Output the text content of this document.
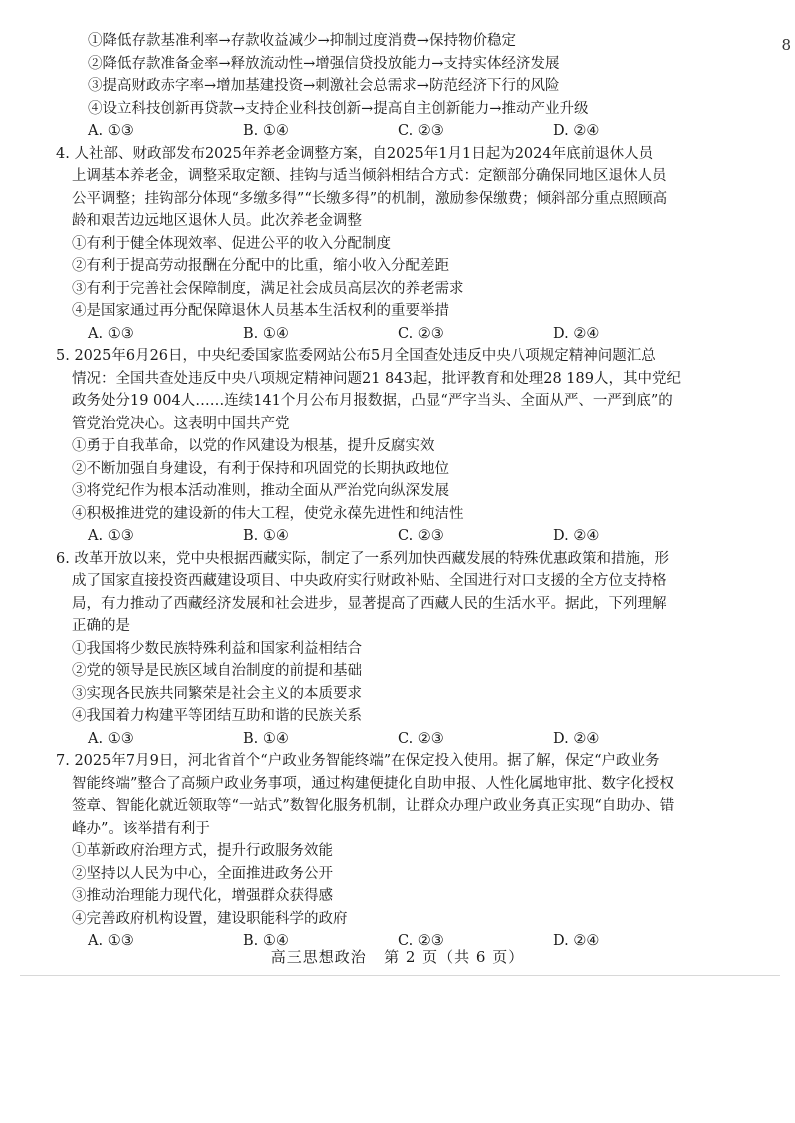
8
①降低存款基准利率→存款收益减少→抑制过度消费→保持物价稳定
②降低存款准备金率→释放流动性→增强信贷投放能力→支持实体经济发展
③提高财政赤字率→增加基建投资→刺激社会总需求→防范经济下行的风险
④设立科技创新再贷款→支持企业科技创新→提高自主创新能力→推动产业升级
A. ①③	B. ①④	C. ②③	D. ②④
4. 人社部、财政部发布2025年养老金调整方案，自2025年1月1日起为2024年底前退休人员
上调基本养老金，调整采取定额、挂钩与适当倾斜相结合方式：定额部分确保同地区退休人员
公平调整；挂钩部分体现“多缴多得”“长缴多得”的机制，激励参保缴费；倾斜部分重点照顾高
龄和艰苦边远地区退休人员。此次养老金调整
①有利于健全体现效率、促进公平的收入分配制度
②有利于提高劳动报酬在分配中的比重，缩小收入分配差距
③有利于完善社会保障制度，满足社会成员高层次的养老需求
④是国家通过再分配保障退休人员基本生活权利的重要举措
A. ①③	B. ①④	C. ②③	D. ②④
5. 2025年6月26日，中央纪委国家监委网站公布5月全国查处违反中央八项规定精神问题汇总
情况：全国共查处违反中央八项规定精神问题21 843起，批评教育和处理28 189人，其中党纪
政务处分19 004人……连续141个月公布月报数据，凸显“严字当头、全面从严、一严到底”的
管党治党决心。这表明中国共产党
①勇于自我革命，以党的作风建设为根基，提升反腐实效
②不断加强自身建设，有利于保持和巩固党的长期执政地位
③将党纪作为根本活动准则，推动全面从严治党向纵深发展
④积极推进党的建设新的伟大工程，使党永葆先进性和纯洁性
A. ①③	B. ①④	C. ②③	D. ②④
6. 改革开放以来，党中央根据西藏实际，制定了一系列加快西藏发展的特殊优惠政策和措施，形
成了国家直接投资西藏建设项目、中央政府实行财政补贴、全国进行对口支援的全方位支持格
局，有力推动了西藏经济发展和社会进步，显著提高了西藏人民的生活水平。据此，下列理解
正确的是
①我国将少数民族特殊利益和国家利益相结合
②党的领导是民族区域自治制度的前提和基础
③实现各民族共同繁荣是社会主义的本质要求
④我国着力构建平等团结互助和谐的民族关系
A. ①③	B. ①④	C. ②③	D. ②④
7. 2025年7月9日，河北省首个“户政业务智能终端”在保定投入使用。据了解，保定“户政业务
智能终端”整合了高频户政业务事项，通过构建便捷化自助申报、人性化属地审批、数字化授权
签章、智能化就近领取等“一站式”数智化服务机制，让群众办理户政业务真正实现“自助办、错
峰办”。该举措有利于
①革新政府治理方式，提升行政服务效能
②坚持以人民为中心，全面推进政务公开
③推动治理能力现代化，增强群众获得感
④完善政府机构设置，建设职能科学的政府
A. ①③	B. ①④	C. ②③	D. ②④
高三思想政治   第 2 页（共 6 页）
